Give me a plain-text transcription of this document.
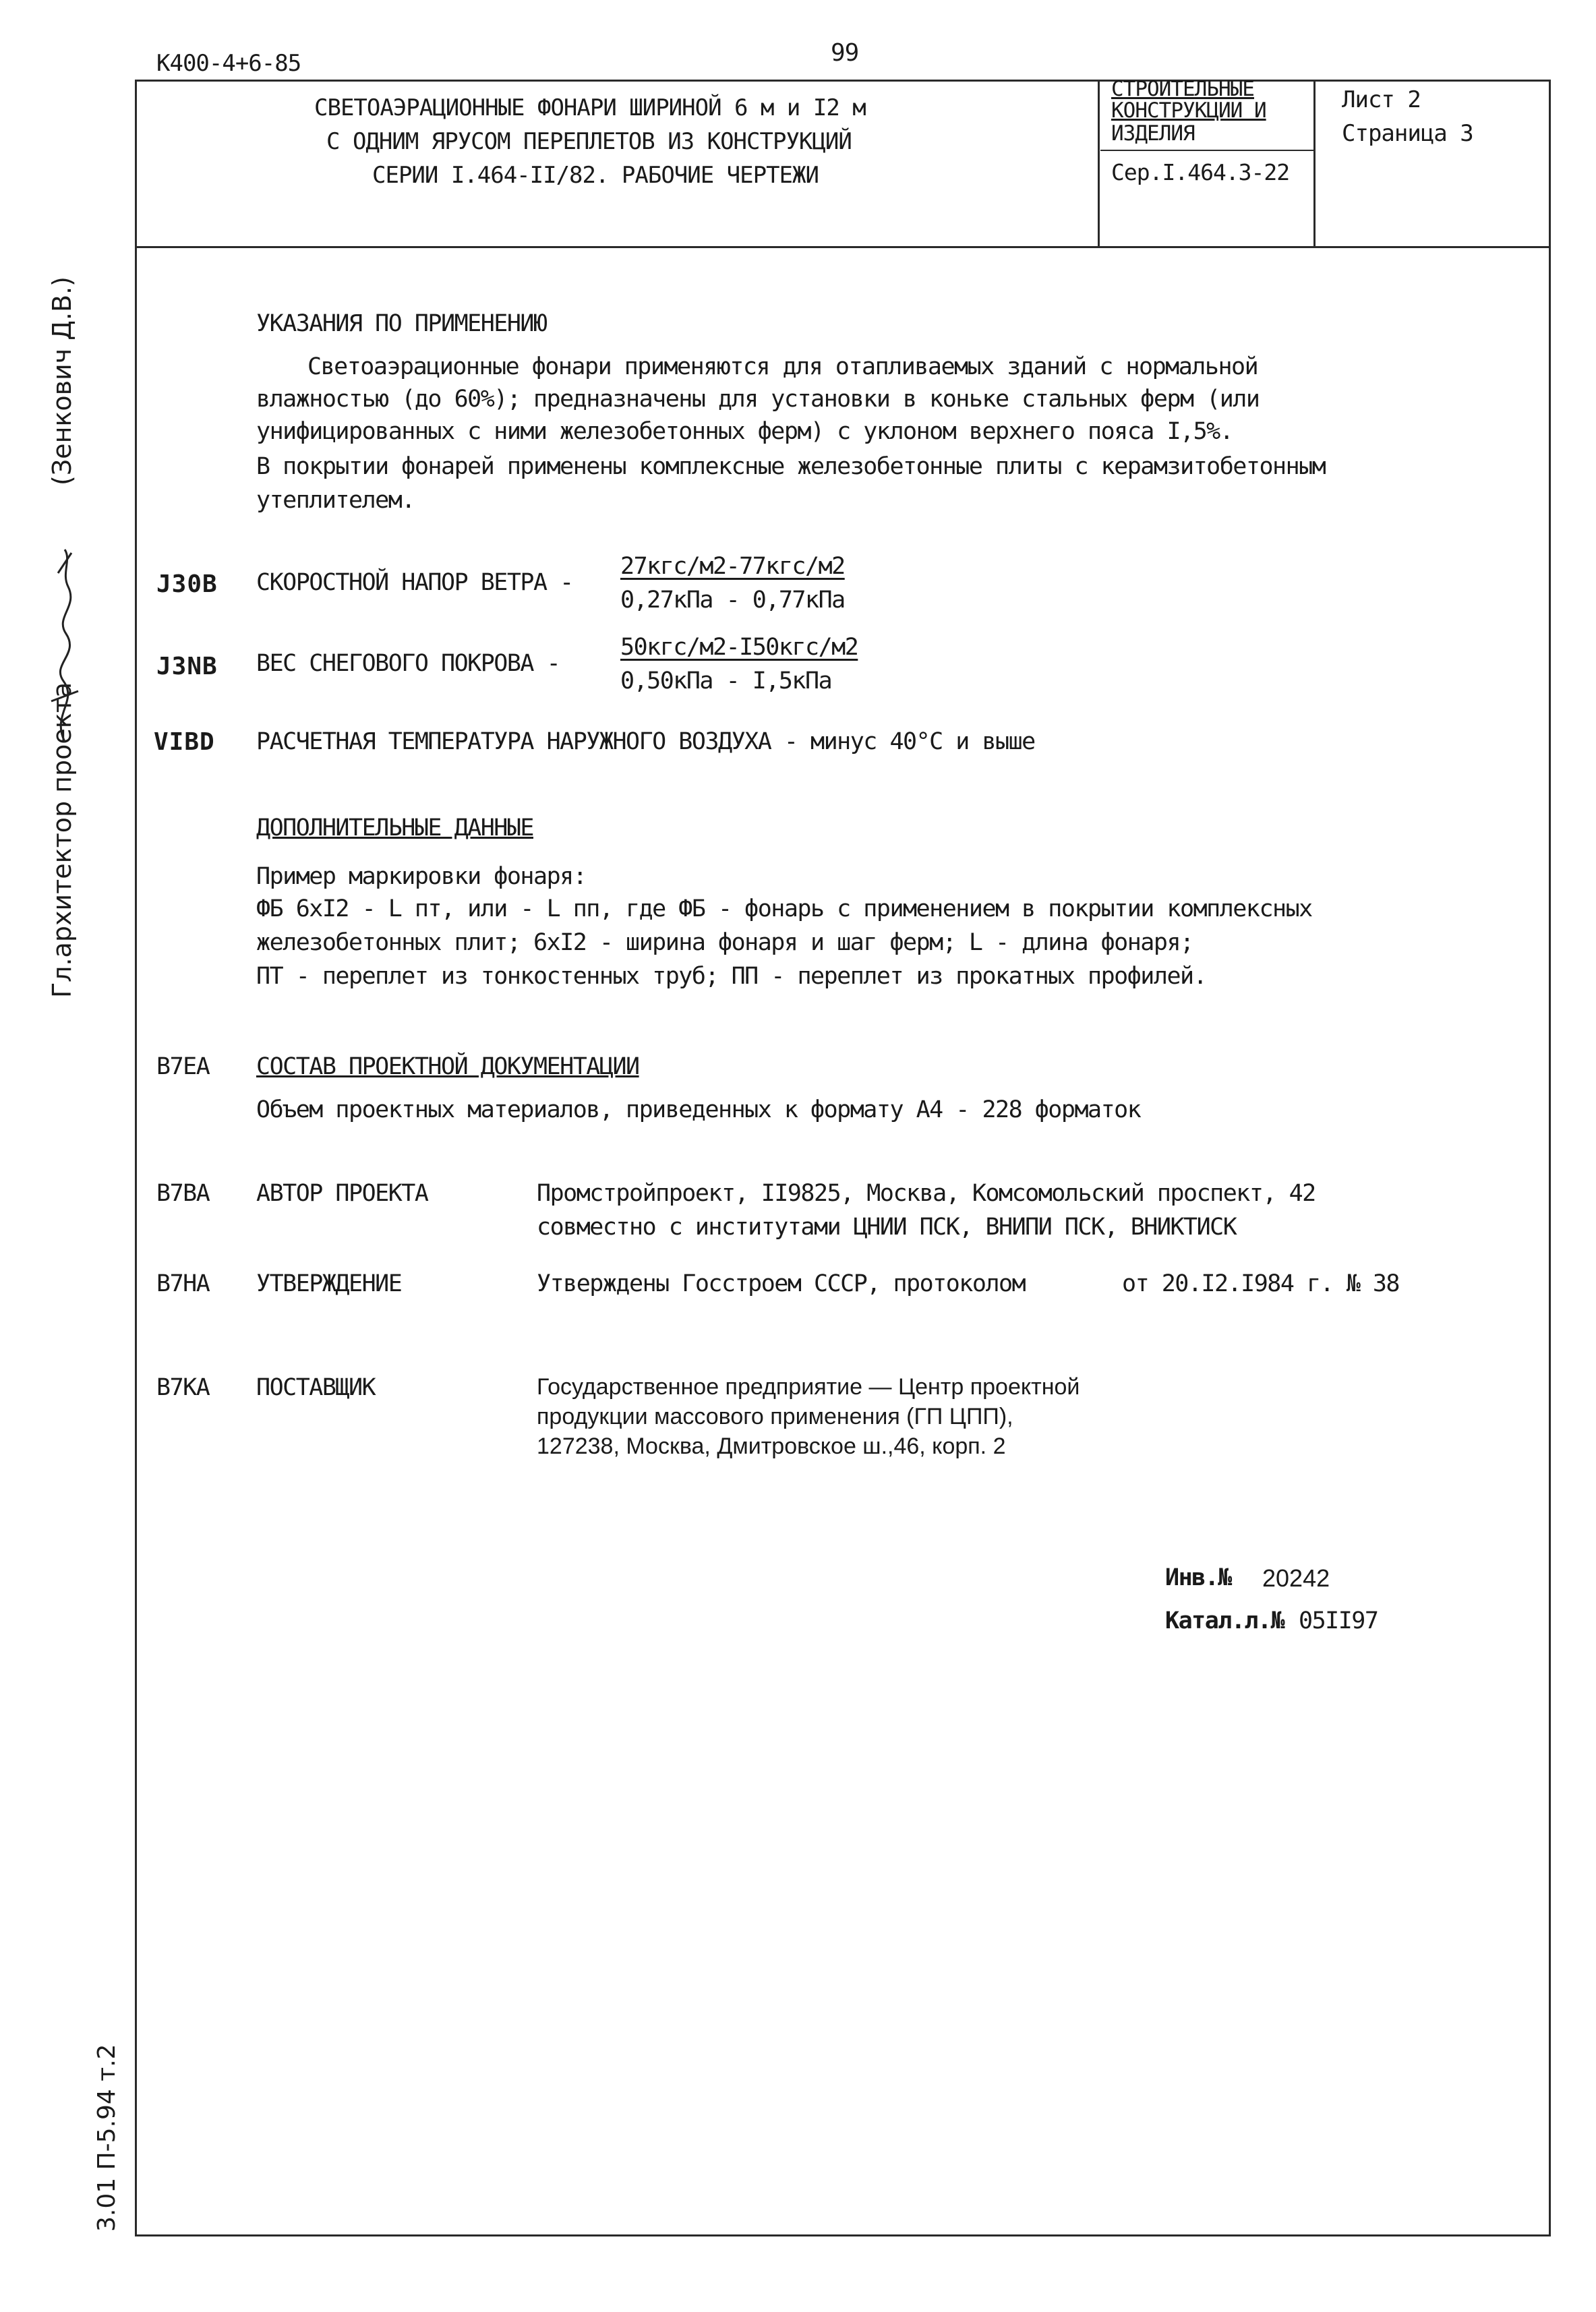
К400-4+6-85	99
СВЕТОАЭРАЦИОННЫЕ ФОНАРИ ШИРИНОЙ 6 м и I2 м
С ОДНИМ ЯРУСОМ ПЕРЕПЛЕТОВ ИЗ КОНСТРУКЦИЙ
СЕРИИ I.464-II/82. РАБОЧИЕ ЧЕРТЕЖИ
СТРОИТЕЛЬНЫЕ
КОНСТРУКЦИИ И
ИЗДЕЛИЯ
Сер.I.464.3-22
Лист 2
Страница 3
Гл.архитектор проекта
(Зенкович Д.В.)
3.01 П-5.94 т.2
УКАЗАНИЯ ПО ПРИМЕНЕНИЮ
Светоаэрационные фонари применяются для отапливаемых зданий с нормальной
влажностью (до 60%); предназначены для установки в коньке стальных ферм (или
унифицированных с ними железобетонных ферм) с уклоном верхнего пояса I,5%.
В покрытии фонарей применены комплексные железобетонные плиты с керамзитобетонным
утеплителем.
J30B СКОРОСТНОЙ НАПОР ВЕТРА -
27кгс/м2-77кгс/м2
0,27кПа - 0,77кПа
J3NB ВЕС СНЕГОВОГО ПОКРОВА -
50кгс/м2-I50кгс/м2
0,50кПа - I,5кПа
VIBD РАСЧЕТНАЯ ТЕМПЕРАТУРА НАРУЖНОГО ВОЗДУХА - минус 40°С и выше
ДОПОЛНИТЕЛЬНЫЕ ДАННЫЕ
Пример маркировки фонаря:
ФБ 6хI2 - L пт, или - L пп, где ФБ - фонарь с применением в покрытии комплексных
железобетонных плит; 6хI2 - ширина фонаря и шаг ферм; L - длина фонаря;
ПТ - переплет из тонкостенных труб; ПП - переплет из прокатных профилей.
B7EA СОСТАВ ПРОЕКТНОЙ ДОКУМЕНТАЦИИ
Объем проектных материалов, приведенных к формату А4 - 228 форматок
B7BA АВТОР ПРОЕКТА	Промстройпроект, II9825, Москва, Комсомольский проспект, 42
совместно с институтами ЦНИИ ПСК, ВНИПИ ПСК, ВНИКТИСК
B7HA УТВЕРЖДЕНИЕ	Утверждены Госстроем СССР, протоколом	от 20.I2.I984 г. № 38
B7KA ПОСТАВЩИК	Государственное предприятие — Центр проектной
продукции массового применения (ГП ЦПП),
127238, Москва, Дмитровское ш.,46, корп. 2
Инв.№ 20242
Катал.л.№ 05II97
